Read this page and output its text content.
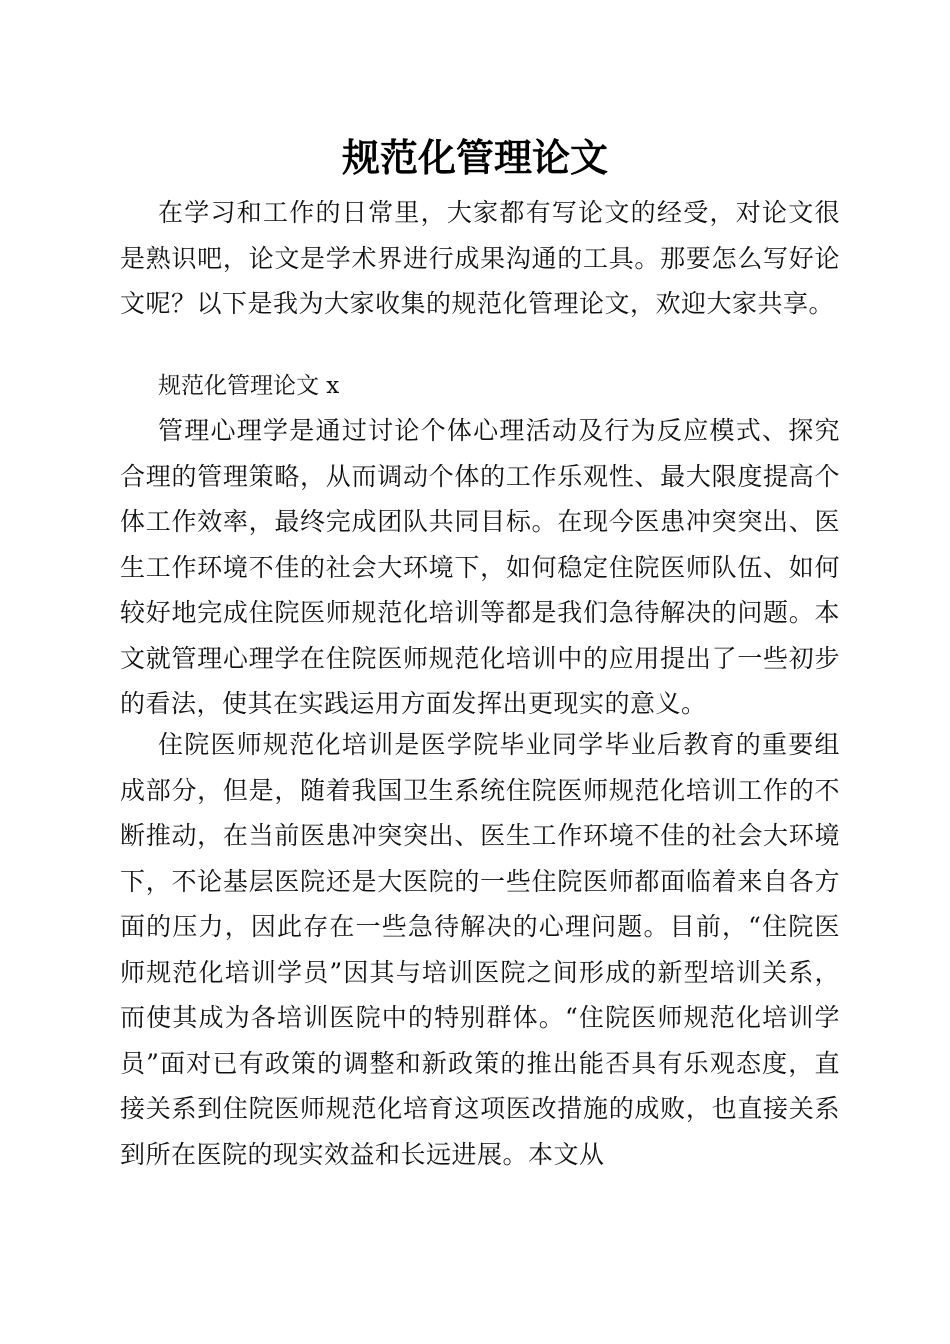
规范化管理论文

在学习和工作的日常里，大家都有写论文的经受，对论文很是熟识吧，论文是学术界进行成果沟通的工具。那要怎么写好论文呢？以下是我为大家收集的规范化管理论文，欢迎大家共享。

规范化管理论文 x

管理心理学是通过讨论个体心理活动及行为反应模式、探究合理的管理策略，从而调动个体的工作乐观性、最大限度提高个体工作效率，最终完成团队共同目标。在现今医患冲突突出、医生工作环境不佳的社会大环境下，如何稳定住院医师队伍、如何较好地完成住院医师规范化培训等都是我们急待解决的问题。本文就管理心理学在住院医师规范化培训中的应用提出了一些初步的看法，使其在实践运用方面发挥出更现实的意义。

住院医师规范化培训是医学院毕业同学毕业后教育的重要组成部分，但是，随着我国卫生系统住院医师规范化培训工作的不断推动，在当前医患冲突突出、医生工作环境不佳的社会大环境下，不论基层医院还是大医院的一些住院医师都面临着来自各方面的压力，因此存在一些急待解决的心理问题。目前，“住院医师规范化培训学员”因其与培训医院之间形成的新型培训关系，而使其成为各培训医院中的特别群体。“住院医师规范化培训学员”面对已有政策的调整和新政策的推出能否具有乐观态度，直接关系到住院医师规范化培育这项医改措施的成败，也直接关系到所在医院的现实效益和长远进展。本文从
